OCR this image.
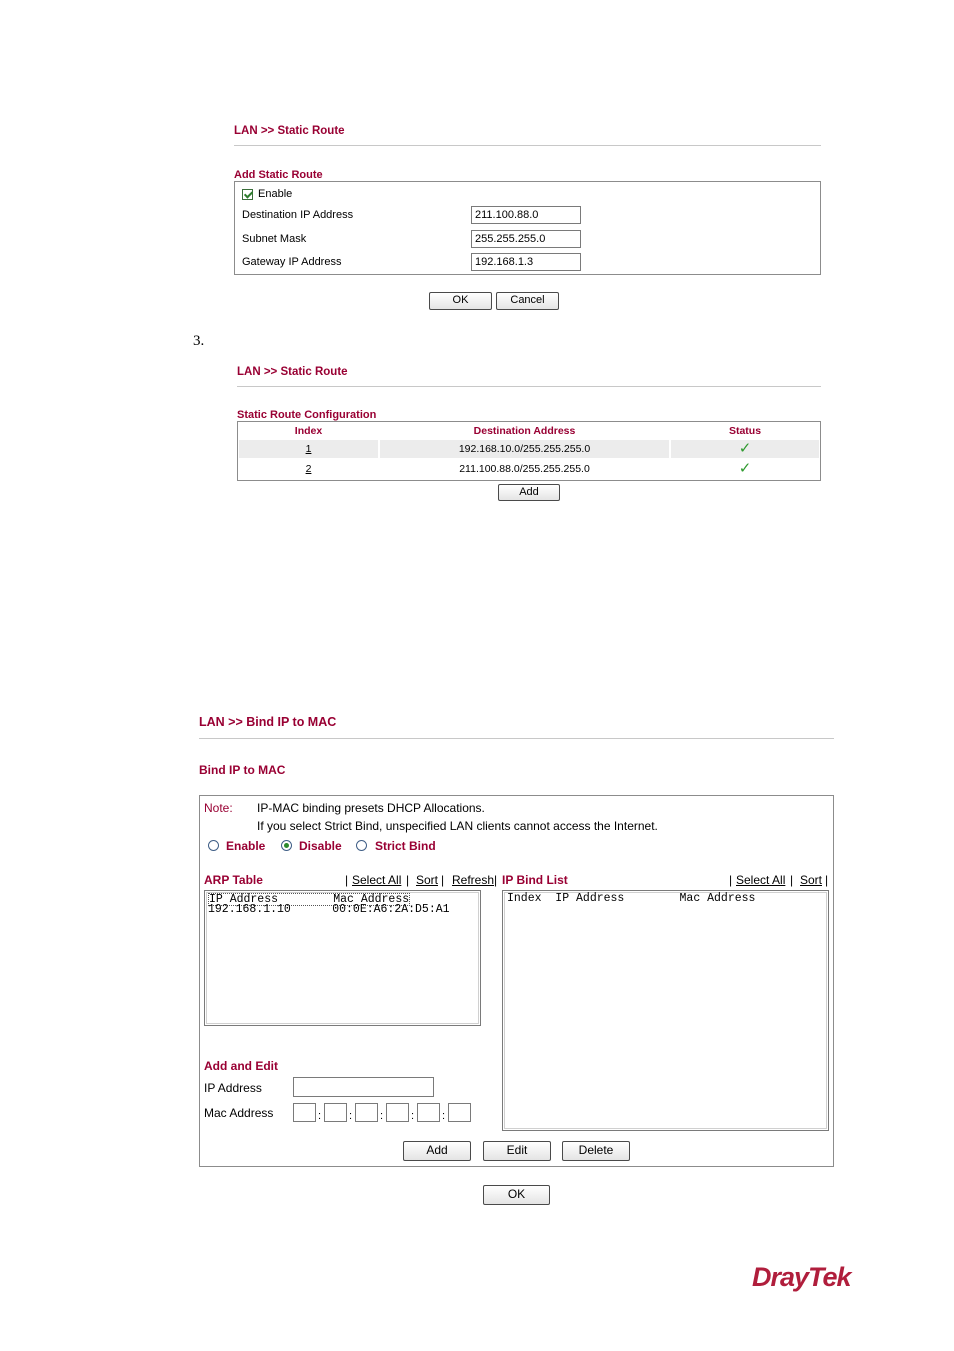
LAN >> Static Route
Add Static Route
Enable
Destination IP Address	211.100.88.0
Subnet Mask	255.255.255.0
Gateway IP Address	192.168.1.3
OK	Cancel
3.
LAN >> Static Route
Static Route Configuration
Index	Destination Address	Status
1	192.168.10.0/255.255.255.0	✓
2	211.100.88.0/255.255.255.0	✓
Add
LAN >> Bind IP to MAC
Bind IP to MAC
Note: IP-MAC binding presets DHCP Allocations.
If you select Strict Bind, unspecified LAN clients cannot access the Internet.
Enable	Disable	Strict Bind
ARP Table	| Select All | Sort | Refresh | IP Bind List	| Select All | Sort |
IP Address        Mac Address
192.168.1.10      00:0E:A6:2A:D5:A1
Index  IP Address        Mac Address
Add and Edit
IP Address
Mac Address	:	:	:	:	:
Add	Edit	Delete
OK
DrayTek
